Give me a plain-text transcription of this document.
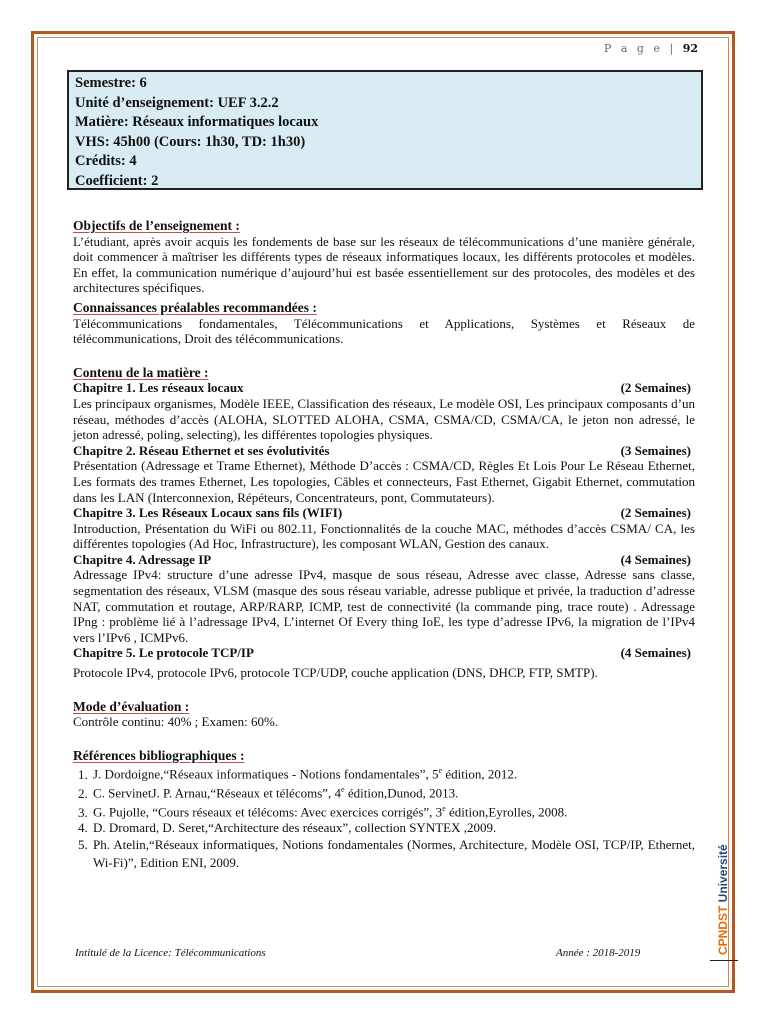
P a g e | 92
Semestre: 6
Unité d’enseignement: UEF 3.2.2
Matière: Réseaux informatiques locaux
VHS: 45h00 (Cours: 1h30, TD: 1h30)
Crédits: 4
Coefficient: 2
Objectifs de l’enseignement :

L’étudiant, après avoir acquis les fondements de base sur les réseaux de télécommunications d’une manière générale, doit commencer à maîtriser les différents types de réseaux informatiques locaux, les différents protocoles et modèles. En effet, la communication numérique d’aujourd’hui est basée essentiellement sur des protocoles, des modèles et des architectures spécifiques.

Connaissances préalables recommandées :

Télécommunications fondamentales, Télécommunications et Applications, Systèmes et Réseaux de télécommunications, Droit des télécommunications.

Contenu de la matière :
Chapitre 1. Les réseaux locaux	(2 Semaines)

Les principaux organismes, Modèle IEEE, Classification des réseaux, Le modèle OSI, Les principaux composants d’un réseau, méthodes d’accès (ALOHA, SLOTTED ALOHA, CSMA, CSMA/CD, CSMA/CA, le jeton non adressé, le jeton adressé, poling, selecting), les différentes topologies physiques.

Chapitre 2. Réseau Ethernet et ses évolutivités	(3 Semaines)

Présentation (Adressage et Trame Ethernet), Méthode D’accès : CSMA/CD, Règles Et Lois Pour Le Réseau Ethernet, Les formats des trames Ethernet, Les topologies, Câbles et connecteurs, Fast Ethernet, Gigabit Ethernet, commutation dans les LAN (Interconnexion, Répéteurs, Concentrateurs, pont, Commutateurs).

Chapitre 3. Les Réseaux Locaux sans fils (WIFI)	(2 Semaines)

Introduction, Présentation du WiFi ou 802.11, Fonctionnalités de la couche MAC, méthodes d’accès CSMA/ CA, les différentes topologies (Ad Hoc, Infrastructure), les composant WLAN, Gestion des canaux.

Chapitre 4. Adressage IP	(4 Semaines)

Adressage IPv4: structure d’une adresse IPv4, masque de sous réseau, Adresse avec classe, Adresse sans classe, segmentation des réseaux, VLSM (masque des sous réseau variable, adresse publique et privée, la traduction d’adresse NAT, commutation et routage, ARP/RARP, ICMP, test de connectivité (la commande ping, trace route) . Adressage IPng : problème lié à l’adressage IPv4, L’internet Of Every thing IoE, les type d’adresse IPv6, la migration de l’IPv4 vers l’IPv6 , ICMPv6.

Chapitre 5. Le protocole TCP/IP	(4 Semaines)

Protocole IPv4, protocole IPv6, protocole TCP/UDP, couche application (DNS, DHCP, FTP, SMTP).

Mode d’évaluation :

Contrôle continu: 40% ; Examen: 60%.

Références bibliographiques :
1. J. Dordoigne,“Réseaux informatiques - Notions fondamentales”, 5e édition, 2012.
2. C. ServinetJ. P. Arnau,“Réseaux et télécoms”, 4e édition,Dunod, 2013.
3. G. Pujolle, “Cours réseaux et télécoms: Avec exercices corrigés”, 3e édition,Eyrolles, 2008.
4. D. Dromard, D. Seret,“Architecture des réseaux”, collection SYNTEX ,2009.
5. Ph. Atelin,“Réseaux informatiques, Notions fondamentales (Normes, Architecture, Modèle OSI, TCP/IP, Ethernet, Wi-Fi)”, Edition ENI, 2009.
Intitulé de la Licence: Télécommunications	Année : 2018-2019	CPNDST Université
